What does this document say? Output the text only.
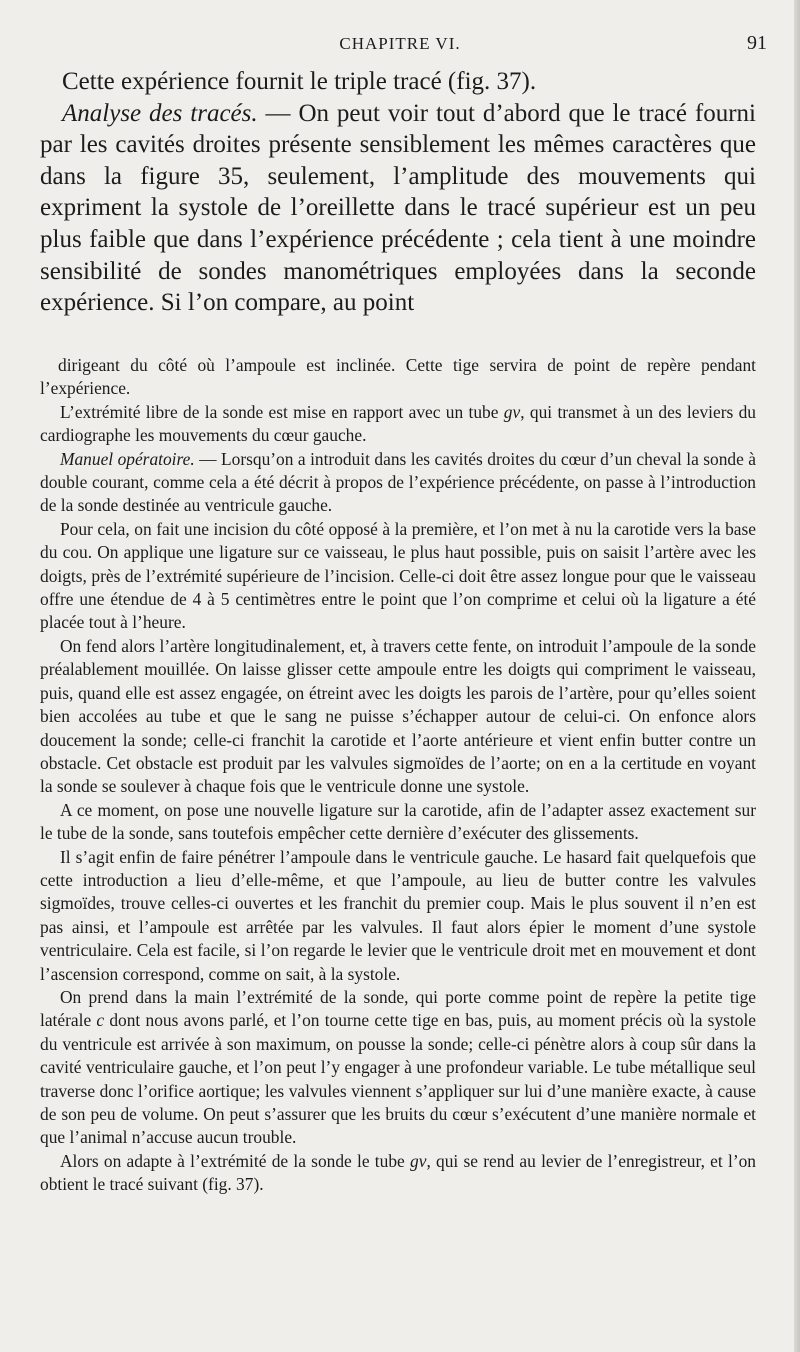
CHAPITRE VI.	91

Cette expérience fournit le triple tracé (fig. 37).

Analyse des tracés. — On peut voir tout d’abord que le tracé fourni par les cavités droites présente sensiblement les mêmes caractères que dans la figure 35, seulement, l’amplitude des mouvements qui expriment la systole de l’oreillette dans le tracé supérieur est un peu plus faible que dans l’expérience précédente ; cela tient à une moindre sensibilité de sondes manométriques employées dans la seconde expérience. Si l’on compare, au point

dirigeant du côté où l’ampoule est inclinée. Cette tige servira de point de repère pendant l’expérience.

L’extrémité libre de la sonde est mise en rapport avec un tube gv, qui transmet à un des leviers du cardiographe les mouvements du cœur gauche.

Manuel opératoire. — Lorsqu’on a introduit dans les cavités droites du cœur d’un cheval la sonde à double courant, comme cela a été décrit à propos de l’expérience précédente, on passe à l’introduction de la sonde destinée au ventricule gauche.

Pour cela, on fait une incision du côté opposé à la première, et l’on met à nu la carotide vers la base du cou. On applique une ligature sur ce vaisseau, le plus haut possible, puis on saisit l’artère avec les doigts, près de l’extrémité supérieure de l’incision. Celle-ci doit être assez longue pour que le vaisseau offre une étendue de 4 à 5 centimètres entre le point que l’on comprime et celui où la ligature a été placée tout à l’heure.

On fend alors l’artère longitudinalement, et, à travers cette fente, on introduit l’ampoule de la sonde préalablement mouillée. On laisse glisser cette ampoule entre les doigts qui compriment le vaisseau, puis, quand elle est assez engagée, on étreint avec les doigts les parois de l’artère, pour qu’elles soient bien accolées au tube et que le sang ne puisse s’échapper autour de celui-ci. On enfonce alors doucement la sonde; celle-ci franchit la carotide et l’aorte antérieure et vient enfin butter contre un obstacle. Cet obstacle est produit par les valvules sigmoïdes de l’aorte; on en a la certitude en voyant la sonde se soulever à chaque fois que le ventricule donne une systole.

A ce moment, on pose une nouvelle ligature sur la carotide, afin de l’adapter assez exactement sur le tube de la sonde, sans toutefois empêcher cette dernière d’exécuter des glissements.

Il s’agit enfin de faire pénétrer l’ampoule dans le ventricule gauche. Le hasard fait quelquefois que cette introduction a lieu d’elle-même, et que l’ampoule, au lieu de butter contre les valvules sigmoïdes, trouve celles-ci ouvertes et les franchit du premier coup. Mais le plus souvent il n’en est pas ainsi, et l’ampoule est arrêtée par les valvules. Il faut alors épier le moment d’une systole ventriculaire. Cela est facile, si l’on regarde le levier que le ventricule droit met en mouvement et dont l’ascension correspond, comme on sait, à la systole.

On prend dans la main l’extrémité de la sonde, qui porte comme point de repère la petite tige latérale c dont nous avons parlé, et l’on tourne cette tige en bas, puis, au moment précis où la systole du ventricule est arrivée à son maximum, on pousse la sonde; celle-ci pénètre alors à coup sûr dans la cavité ventriculaire gauche, et l’on peut l’y engager à une profondeur variable. Le tube métallique seul traverse donc l’orifice aortique; les valvules viennent s’appliquer sur lui d’une manière exacte, à cause de son peu de volume. On peut s’assurer que les bruits du cœur s’exécutent d’une manière normale et que l’animal n’accuse aucun trouble.

Alors on adapte à l’extrémité de la sonde le tube gv, qui se rend au levier de l’enregistreur, et l’on obtient le tracé suivant (fig. 37).
